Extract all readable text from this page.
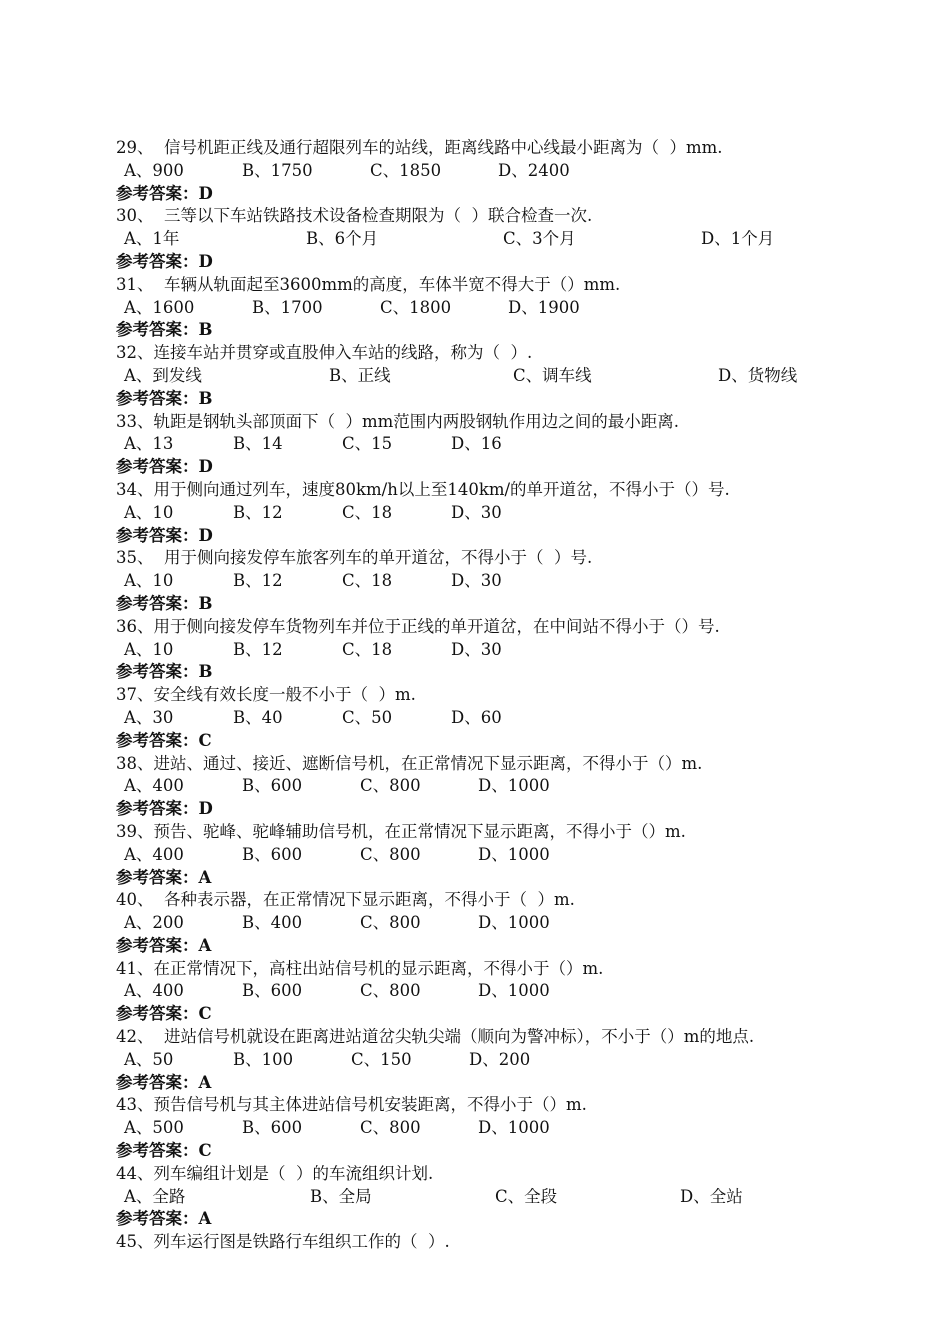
29、  信号机距正线及通行超限列车的站线，距离线路中心线最小距离为（  ）mm.
A、900	B、1750	C、1850	D、2400
参考答案：D
30、  三等以下车站铁路技术设备检查期限为（  ）联合检查一次.
A、1年	B、6个月	C、3个月	D、1个月
参考答案：D
31、  车辆从轨面起至3600mm的高度，车体半宽不得大于（）mm.
A、1600	B、1700	C、1800	D、1900
参考答案：B
32、连接车站并贯穿或直股伸入车站的线路，称为（  ）.
A、到发线	B、正线	C、调车线	D、货物线
参考答案：B
33、轨距是钢轨头部顶面下（  ）mm范围内两股钢轨作用边之间的最小距离.
A、13	B、14	C、15	D、16
参考答案：D
34、用于侧向通过列车，速度80km/h以上至140km/的单开道岔，不得小于（）号.
A、10	B、12	C、18	D、30
参考答案：D
35、  用于侧向接发停车旅客列车的单开道岔，不得小于（  ）号.
A、10	B、12	C、18	D、30
参考答案：B
36、用于侧向接发停车货物列车并位于正线的单开道岔，在中间站不得小于（）号.
A、10	B、12	C、18	D、30
参考答案：B
37、安全线有效长度一般不小于（  ）m.
A、30	B、40	C、50	D、60
参考答案：C
38、进站、通过、接近、遮断信号机，在正常情况下显示距离，不得小于（）m.
A、400	B、600	C、800	D、1000
参考答案：D
39、预告、驼峰、驼峰辅助信号机，在正常情况下显示距离，不得小于（）m.
A、400	B、600	C、800	D、1000
参考答案：A
40、  各种表示器，在正常情况下显示距离，不得小于（  ）m.
A、200	B、400	C、800	D、1000
参考答案：A
41、在正常情况下，高柱出站信号机的显示距离，不得小于（）m.
A、400	B、600	C、800	D、1000
参考答案：C
42、  进站信号机就设在距离进站道岔尖轨尖端（顺向为警冲标），不小于（）m的地点.
A、50	B、100	C、150	D、200
参考答案：A
43、预告信号机与其主体进站信号机安装距离，不得小于（）m.
A、500	B、600	C、800	D、1000
参考答案：C
44、列车编组计划是（  ）的车流组织计划.
A、全路	B、全局	C、全段	D、全站
参考答案：A
45、列车运行图是铁路行车组织工作的（  ）.
